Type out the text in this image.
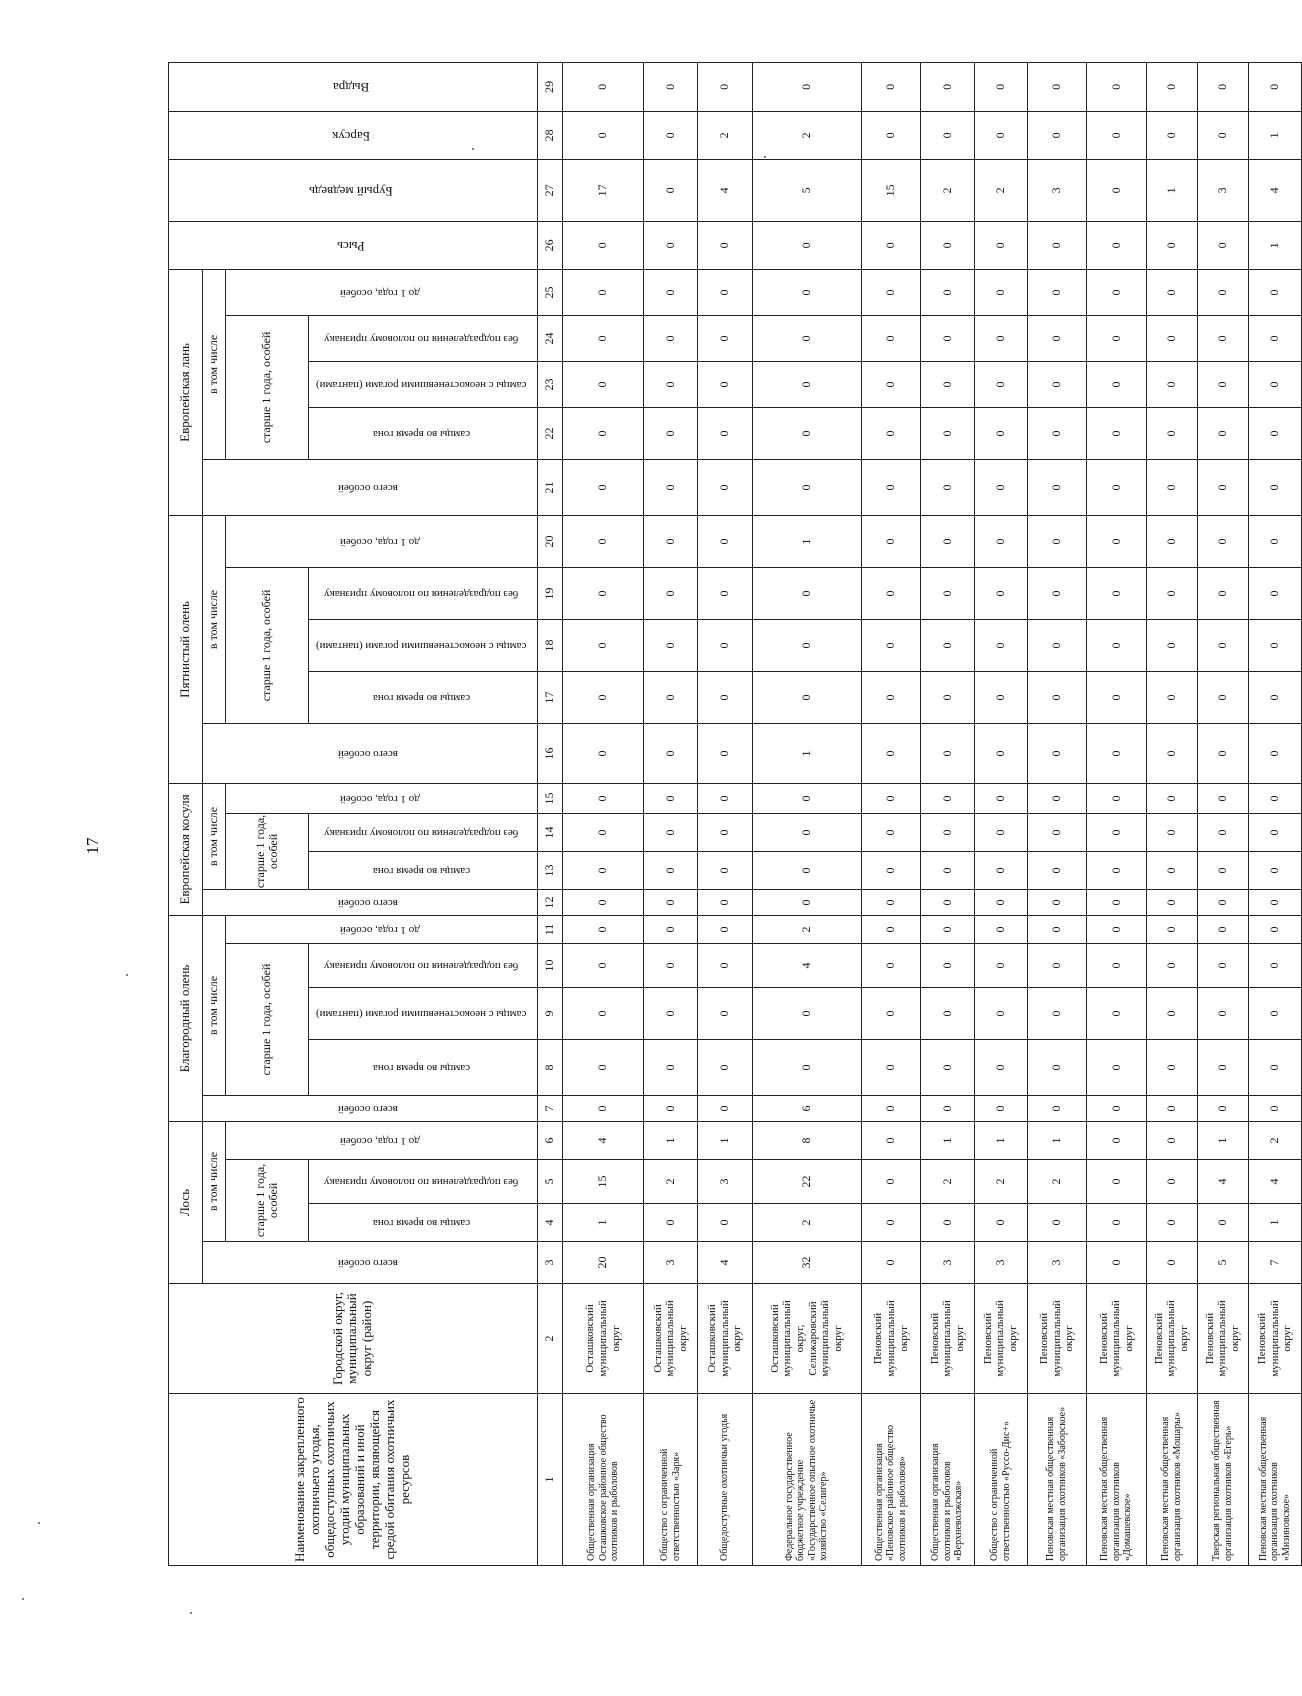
17
Наименование закрепленного охотничьего угодья, общедоступных охотничьих угодий муниципальных образований и иной территории, являющейся средой обитания охотничьих ресурсов	Городской округ, муниципальный округ (район)	Лось				Благородный олень					Европейская косуля				Пятнистый олень					Европейская лань					Рысь	Бурый медведь	Барсук	Выдра
		всего особей	в том числе			всего особей	в том числе				всего особей	в том числе			всего особей	в том числе				всего особей	в том числе							
			старше 1 года, особей		до 1 года, особей		старше 1 года, особей			до 1 года, особей		старше 1 года, особей		до 1 года, особей		старше 1 года, особей			до 1 года, особей		старше 1 года, особей			до 1 года, особей				
			самцы во время гона	без подразделения по половому признаку			самцы во время гона	самцы с неокостеневшими рогами (пантами)	без подразделения по половому признаку			самцы во время гона	без подразделения по половому признаку			самцы во время гона	самцы с неокостеневшими рогами (пантами)	без подразделения по половому признаку			самцы во время гона	самцы с неокостеневшими рогами (пантами)	без подразделения по половому признаку					
1	2	3	4	5	6	7	8	9	10	11	12	13	14	15	16	17	18	19	20	21	22	23	24	25	26	27	28	29
Общественная организация Осташковское районное общество охотников и рыболовов	Осташковский муниципальный округ	20	1	15	4	0	0	0	0	0	0	0	0	0	0	0	0	0	0	0	0	0	0	0	0	17	0	0
Общество с ограниченной ответственностью «Заря»	Осташковский муниципальный округ	3	0	2	1	0	0	0	0	0	0	0	0	0	0	0	0	0	0	0	0	0	0	0	0	0	0	0
Общедоступные охотничьи угодья	Осташковский муниципальный округ	4	0	3	1	0	0	0	0	0	0	0	0	0	0	0	0	0	0	0	0	0	0	0	0	4	2	0
Федеральное государственное бюджетное учреждение «Государственное опытное охотничье хозяйство «Селигер»	Осташковский муниципальный округ, Селижаровский муниципальный округ	32	2	22	8	6	0	0	4	2	0	0	0	0	1	0	0	0	1	0	0	0	0	0	0	5	2	0
Общественная организация «Пеновское районное общество охотников и рыболовов»	Пеновский муниципальный округ	0	0	0	0	0	0	0	0	0	0	0	0	0	0	0	0	0	0	0	0	0	0	0	0	15	0	0
Общественная организация охотников и рыболовов «Верхневолжская»	Пеновский муниципальный округ	3	0	2	1	0	0	0	0	0	0	0	0	0	0	0	0	0	0	0	0	0	0	0	0	2	0	0
Общество с ограниченной ответственностью «Руссо-Дис+»	Пеновский муниципальный округ	3	0	2	1	0	0	0	0	0	0	0	0	0	0	0	0	0	0	0	0	0	0	0	0	2	0	0
Пеновская местная общественная организация охотников «Заборское»	Пеновский муниципальный округ	3	0	2	1	0	0	0	0	0	0	0	0	0	0	0	0	0	0	0	0	0	0	0	0	3	0	0
Пеновская местная общественная организация охотников «Домашевское»	Пеновский муниципальный округ	0	0	0	0	0	0	0	0	0	0	0	0	0	0	0	0	0	0	0	0	0	0	0	0	0	0	0
Пеновская местная общественная организация охотников «Мошары»	Пеновский муниципальный округ	0	0	0	0	0	0	0	0	0	0	0	0	0	0	0	0	0	0	0	0	0	0	0	0	1	0	0
Тверская региональная общественная организация охотников «Егерь»	Пеновский муниципальный округ	5	0	4	1	0	0	0	0	0	0	0	0	0	0	0	0	0	0	0	0	0	0	0	0	3	0	0
Пеновская местная общественная организация охотников «Мизиновское»	Пеновский муниципальный округ	7	1	4	2	0	0	0	0	0	0	0	0	0	0	0	0	0	0	0	0	0	0	0	1	4	1	0
